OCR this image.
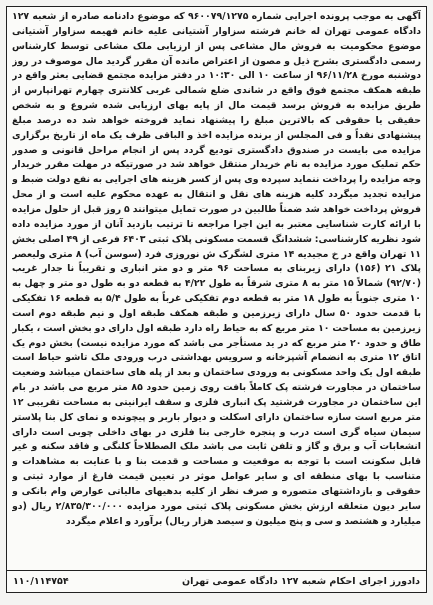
آگهی به موجب پرونده اجرایی شماره ۹۶۰۰۷۹/۱۲۷۵ که موضوع دادنامه صادره از شعبه ۱۲۷ دادگاه عمومی تهران له خانم فرشته سزاوار آشتیانی علیه خانم فهیمه سزاوار آشتیانی موضوع محکومیت به فروش مال مشاعی پس از ارزیابی ملک مشاعی توسط کارشناس رسمی دادگستری بشرح ذیل و مصون از اعتراض مانده آن مقرر گردید مال موصوف در روز دوشنبه مورخ ۹۶/۱۱/۲۸ از ساعت ۱۰ الی ۱۰:۳۰ در دفتر مزایده مجتمع قضایی بعثر واقع در طبقه همکف مجتمع فوق واقع در شاندی ضلع شمالی غربی کلانتری چهارم تهرانپارس از طریق مزایده به فروش برسد قیمت مال از پایه بهای ارزیابی شده شروع و به شخص حقیقی یا حقوقی که بالاترین مبلغ را پیشنهاد نماید فروخته خواهد شد ده درصد مبلغ پیشنهادی نقداً و فی المجلس از برنده مزایده اخذ و الباقی ظرف یک ماه از تاریخ برگزاری مزایده می بایست در صندوق دادگستری تودیع گردد پس از انجام مراحل قانونی و صدور حکم تملیک مورد مزایده به نام خریدار منتقل خواهد شد در صورتیکه در مهلت مقرر خریدار وجه مزایده را پرداخت ننماید سپرده وی پس از کسر هزینه های اجرایی به نفع دولت ضبط و مزایده تجدید میگردد کلیه هزینه های نقل و انتقال به عهده محکوم علیه است و از محل فروش پرداخت خواهد شد ضمناً طالبین در صورت تمایل میتوانند ۵ روز قبل از حلول مزایده با ارائه کارت شناسایی معتبر به این اجرا مراجعه تا ترتیب بازدید آنان از مورد مزایده داده شود نظریه کارشناسی: ششدانگ قسمت مسکونی پلاک ثبتی ۶۴۰۳ فرعی از ۴۹ اصلی بخش ۱۱ تهران واقع در خ مجیدیه ۱۴ متری لشگرک ش نوروزی فرد (سوسن آب) ۸ متری ولیعصر پلاک ۲۱ (۱۵۶) دارای زیربنای به مساحت ۹۶ متر و دو متر انباری و تقریباً نا جدار غریب (۹۲/۷۰) شمالاً ۱۵ متر به ۸ متری شرقاً به طول ۴/۲۲ به قطعه دو به طول دو متر و چهل به ۱۰ متری جنوباً به طول ۱۸ متر به قطعه دوم تفکیکی غرباً به طول ۵/۴ به قطعه ۱۶ تفکیکی با قدمت حدود ۵۰ سال دارای زیرزمین و طبقه همکف طبقه اول و نیم طبقه دوم است زیرزمین به مساحت ۱۰ متر مربع که به حیاط راه دارد طبقه اول دارای دو بخش است ، یکبار طاق و حدود ۲۰ متر مربع که در ید مستأجر می باشد که مورد مزایده نیست) بخش دوم یک اتاق ۱۲ متری به انضمام آشپزخانه و سرویس بهداشتی درب ورودی ملک تاشو حیاط است طبقه اول یک واحد مسکونی به ورودی ساختمان و بعد از پله های ساختمان میباشد وضعیت ساختمان در مجاورت فرشته پک کاملاً بافت روی زمین حدود ۸۵ متر مربع می باشد در بام این ساختمان در مجاورت فرشتید پک انباری فلزی و سقف ایرانیتی به مساحت تقریبی ۱۲ متر مربع است سازه ساختمان دارای اسکلت و دیوار باربر و پیچونده و نمای کل بنا پلاستر سیمان سیاه گری است درب و پنجره خارجی بنا فلزی در بهای داخلی چوبی است دارای انشعابات آب و برق و گاز و تلفن ثابت می باشد ملک الصطلاحاً کلنگی و فاقد سکنه و غیر قابل سکونت است با توجه به موقعیت و مساحت و قدمت بنا و با عنایت به مشاهدات و متناسب با بهای منطقه ای و سایر عوامل موثر در تعیین قیمت فارغ از موارد ثبتی و حقوقی و بازداشتهای متصوره و صرف نظر از کلیه بدهیهای مالیاتی عوارض وام بانکی و سایر دیون متعلقه ارزش بخش مسکونی پلاک ثبتی مورد مزایده ۲/۸۳۵/۳۰۰/۰۰۰ ریال (دو میلیارد و هشتصد و سی و پنج میلیون و سیصد هزار ریال) برآورد و اعلام میگردد

دادورز اجرای احکام شعبه ۱۲۷ دادگاه عمومی تهران
۱۱۰/۱۱۴۷۵۴
